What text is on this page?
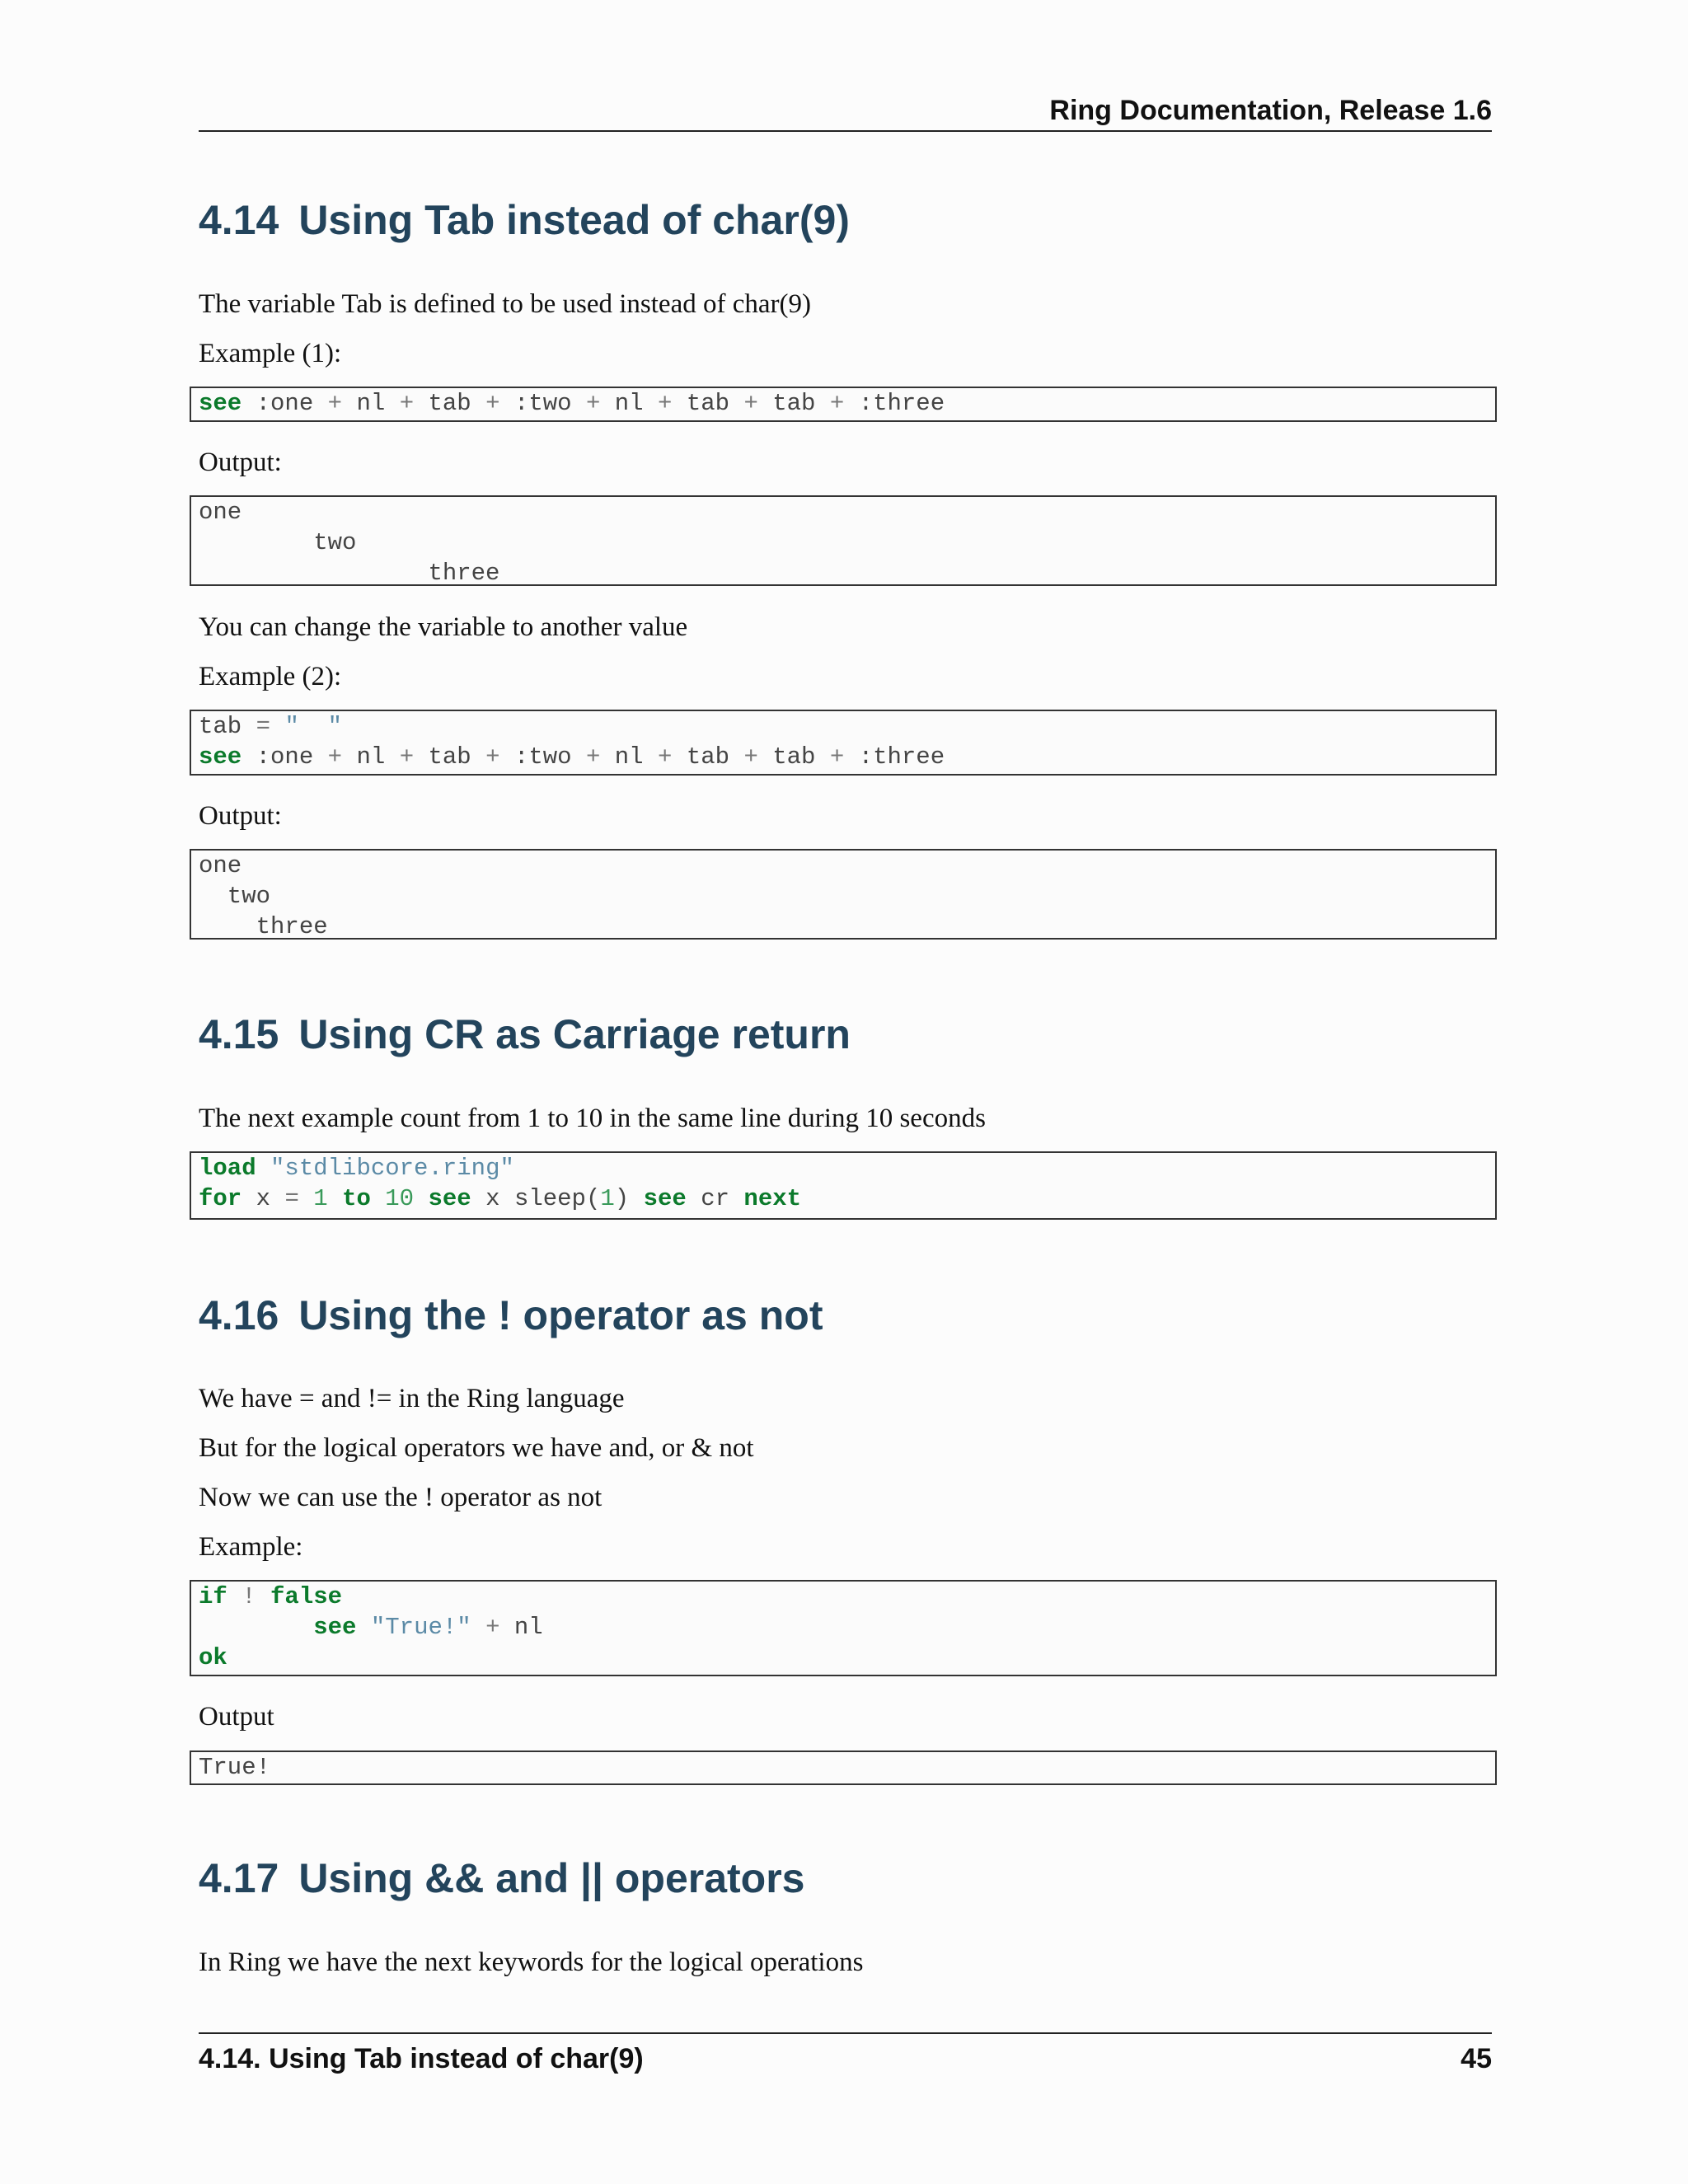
Ring Documentation, Release 1.6
4.14 Using Tab instead of char(9)
The variable Tab is defined to be used instead of char(9)
Example (1):
see :one + nl + tab + :two + nl + tab + tab + :three
Output:
one
two
three
You can change the variable to another value
Example (2):
tab = "  "
see :one + nl + tab + :two + nl + tab + tab + :three
Output:
one
two
three
4.15 Using CR as Carriage return
The next example count from 1 to 10 in the same line during 10 seconds
load "stdlibcore.ring"
for x = 1 to 10 see x sleep(1) see cr next
4.16 Using the ! operator as not
We have = and != in the Ring language
But for the logical operators we have and, or & not
Now we can use the ! operator as not
Example:
if ! false
see "True!" + nl
ok
Output
True!
4.17 Using && and || operators
In Ring we have the next keywords for the logical operations
4.14. Using Tab instead of char(9)	45
